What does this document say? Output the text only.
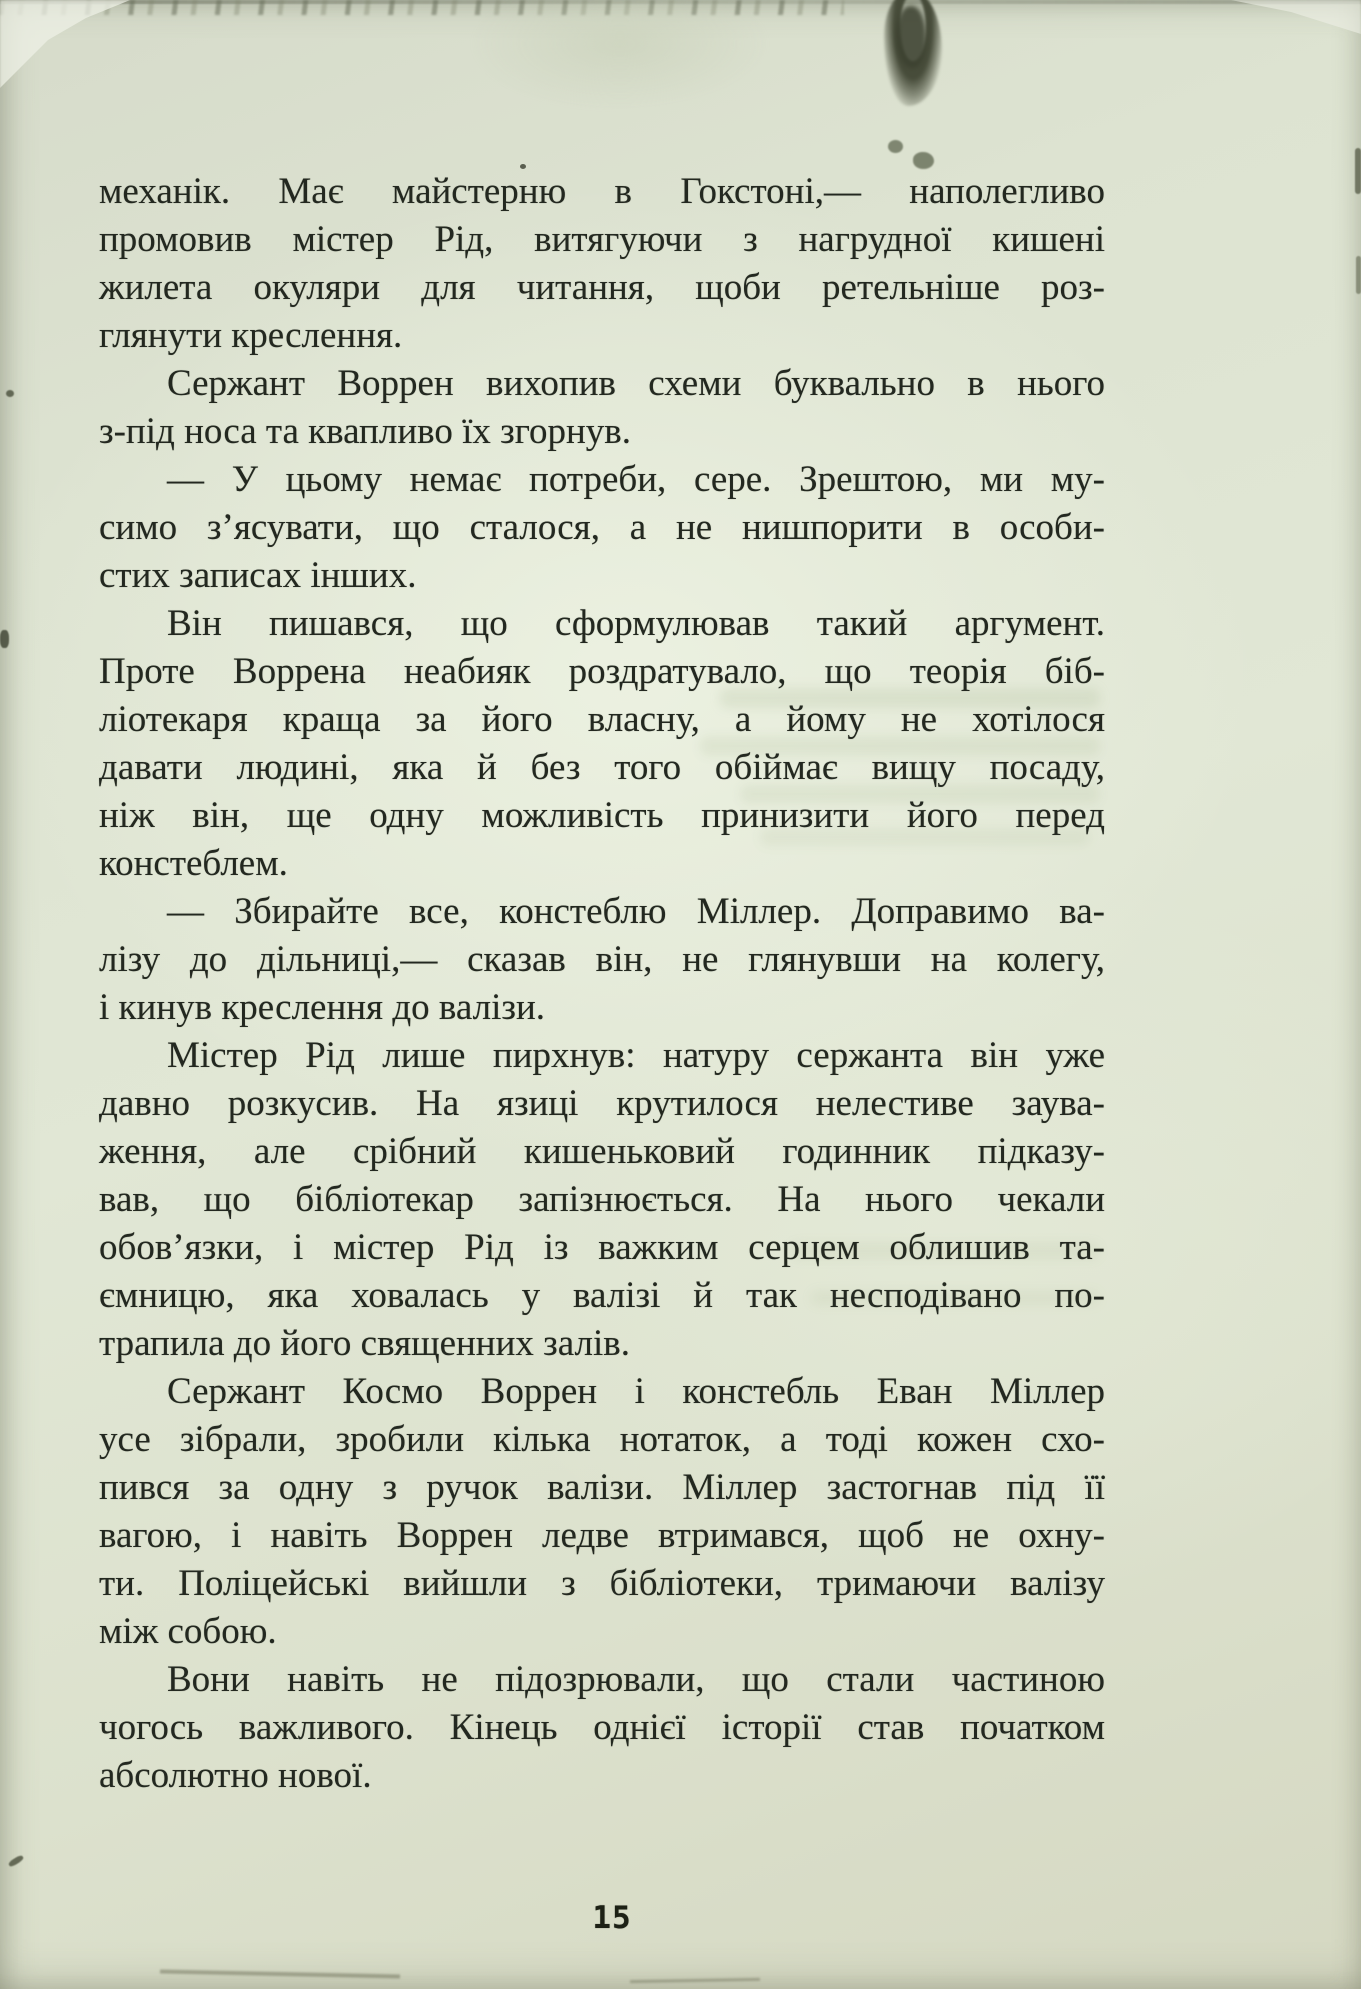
механік. Має майстерню в Гокстоні,— наполегливо
промовив містер Рід, витягуючи з нагрудної кишені
жилета окуляри для читання, щоби ретельніше роз-
глянути креслення.
Сержант Воррен вихопив схеми буквально в нього
з-під носа та квапливо їх згорнув.
— У цьому немає потреби, сере. Зрештою, ми му-
симо з’ясувати, що сталося, а не нишпорити в особи-
стих записах інших.
Він пишався, що сформулював такий аргумент.
Проте Воррена неабияк роздратувало, що теорія біб-
ліотекаря краща за його власну, а йому не хотілося
давати людині, яка й без того обіймає вищу посаду,
ніж він, ще одну можливість принизити його перед
констеблем.
— Збирайте все, констеблю Міллер. Доправимо ва-
лізу до дільниці,— сказав він, не глянувши на колегу,
і кинув креслення до валізи.
Містер Рід лише пирхнув: натуру сержанта він уже
давно розкусив. На язиці крутилося нелестиве заува-
ження, але срібний кишеньковий годинник підказу-
вав, що бібліотекар запізнюється. На нього чекали
обов’язки, і містер Рід із важким серцем облишив та-
ємницю, яка ховалась у валізі й так несподівано по-
трапила до його священних залів.
Сержант Космо Воррен і констебль Еван Міллер
усе зібрали, зробили кілька нотаток, а тоді кожен схо-
пився за одну з ручок валізи. Міллер застогнав під її
вагою, і навіть Воррен ледве втримався, щоб не охну-
ти. Поліцейські вийшли з бібліотеки, тримаючи валізу
між собою.
Вони навіть не підозрювали, що стали частиною
чогось важливого. Кінець однієї історії став початком
абсолютно нової.
15
